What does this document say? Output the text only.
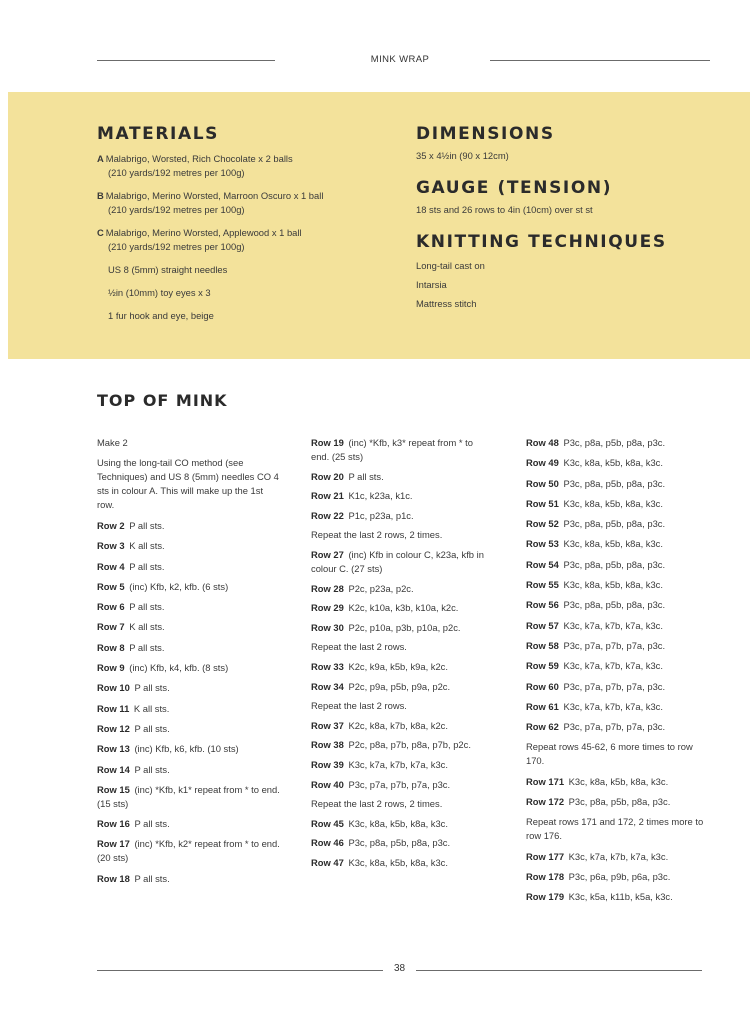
MINK WRAP
MATERIALS
A Malabrigo, Worsted, Rich Chocolate x 2 balls
(210 yards/192 metres per 100g)
B Malabrigo, Merino Worsted, Marroon Oscuro x 1 ball
(210 yards/192 metres per 100g)
C Malabrigo, Merino Worsted, Applewood x 1 ball
(210 yards/192 metres per 100g)
US 8 (5mm) straight needles
½in (10mm) toy eyes x 3
1 fur hook and eye, beige
DIMENSIONS
35 x 4½in (90 x 12cm)
GAUGE (TENSION)
18 sts and 26 rows to 4in (10cm) over st st
KNITTING TECHNIQUES
Long-tail cast on
Intarsia
Mattress stitch
TOP OF MINK
Make 2
Using the long-tail CO method (see Techniques) and US 8 (5mm) needles CO 4 sts in colour A. This will make up the 1st row.
Row 2 P all sts.
Row 3 K all sts.
Row 4 P all sts.
Row 5 (inc) Kfb, k2, kfb. (6 sts)
Row 6 P all sts.
Row 7 K all sts.
Row 8 P all sts.
Row 9 (inc) Kfb, k4, kfb. (8 sts)
Row 10 P all sts.
Row 11 K all sts.
Row 12 P all sts.
Row 13 (inc) Kfb, k6, kfb. (10 sts)
Row 14 P all sts.
Row 15 (inc) *Kfb, k1* repeat from * to end. (15 sts)
Row 16 P all sts.
Row 17 (inc) *Kfb, k2* repeat from * to end. (20 sts)
Row 18 P all sts.
Row 19 (inc) *Kfb, k3* repeat from * to end. (25 sts)
Row 20 P all sts.
Row 21 K1c, k23a, k1c.
Row 22 P1c, p23a, p1c.
Repeat the last 2 rows, 2 times.
Row 27 (inc) Kfb in colour C, k23a, kfb in colour C. (27 sts)
Row 28 P2c, p23a, p2c.
Row 29 K2c, k10a, k3b, k10a, k2c.
Row 30 P2c, p10a, p3b, p10a, p2c.
Repeat the last 2 rows.
Row 33 K2c, k9a, k5b, k9a, k2c.
Row 34 P2c, p9a, p5b, p9a, p2c.
Repeat the last 2 rows.
Row 37 K2c, k8a, k7b, k8a, k2c.
Row 38 P2c, p8a, p7b, p8a, p7b, p2c.
Row 39 K3c, k7a, k7b, k7a, k3c.
Row 40 P3c, p7a, p7b, p7a, p3c.
Repeat the last 2 rows, 2 times.
Row 45 K3c, k8a, k5b, k8a, k3c.
Row 46 P3c, p8a, p5b, p8a, p3c.
Row 47 K3c, k8a, k5b, k8a, k3c.
Row 48 P3c, p8a, p5b, p8a, p3c.
Row 49 K3c, k8a, k5b, k8a, k3c.
Row 50 P3c, p8a, p5b, p8a, p3c.
Row 51 K3c, k8a, k5b, k8a, k3c.
Row 52 P3c, p8a, p5b, p8a, p3c.
Row 53 K3c, k8a, k5b, k8a, k3c.
Row 54 P3c, p8a, p5b, p8a, p3c.
Row 55 K3c, k8a, k5b, k8a, k3c.
Row 56 P3c, p8a, p5b, p8a, p3c.
Row 57 K3c, k7a, k7b, k7a, k3c.
Row 58 P3c, p7a, p7b, p7a, p3c.
Row 59 K3c, k7a, k7b, k7a, k3c.
Row 60 P3c, p7a, p7b, p7a, p3c.
Row 61 K3c, k7a, k7b, k7a, k3c.
Row 62 P3c, p7a, p7b, p7a, p3c.
Repeat rows 45-62, 6 more times to row 170.
Row 171 K3c, k8a, k5b, k8a, k3c.
Row 172 P3c, p8a, p5b, p8a, p3c.
Repeat rows 171 and 172, 2 times more to row 176.
Row 177 K3c, k7a, k7b, k7a, k3c.
Row 178 P3c, p6a, p9b, p6a, p3c.
Row 179 K3c, k5a, k11b, k5a, k3c.
38
